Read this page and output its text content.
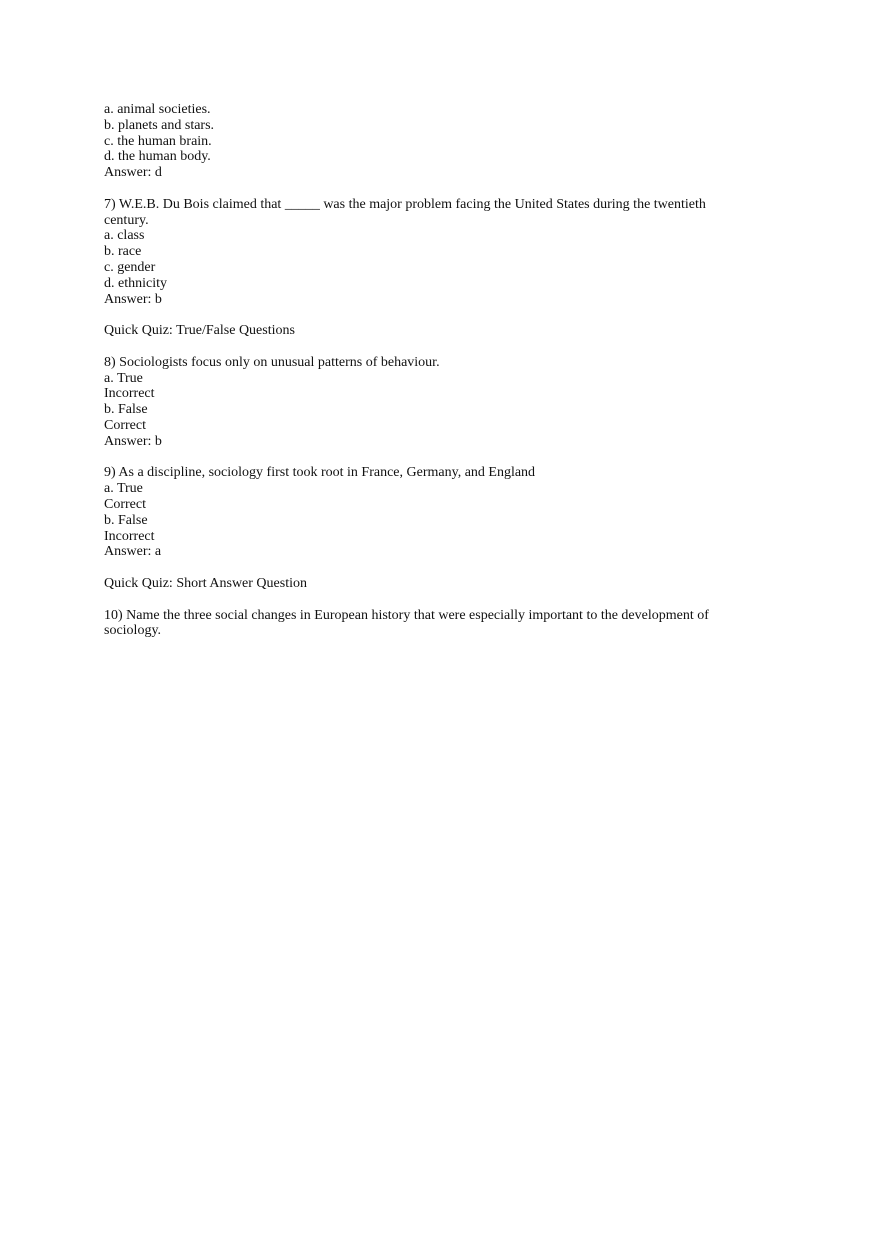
a. animal societies.
b. planets and stars.
c. the human brain.
d. the human body.
Answer: d
7) W.E.B. Du Bois claimed that _____ was the major problem facing the United States during the twentieth century.
a. class
b. race
c. gender
d. ethnicity
Answer: b
Quick Quiz: True/False Questions
8) Sociologists focus only on unusual patterns of behaviour.
a. True
Incorrect
b. False
Correct
Answer: b
9) As a discipline, sociology first took root in France, Germany, and England
a. True
Correct
b. False
Incorrect
Answer: a
Quick Quiz: Short Answer Question
10) Name the three social changes in European history that were especially important to the development of sociology.
